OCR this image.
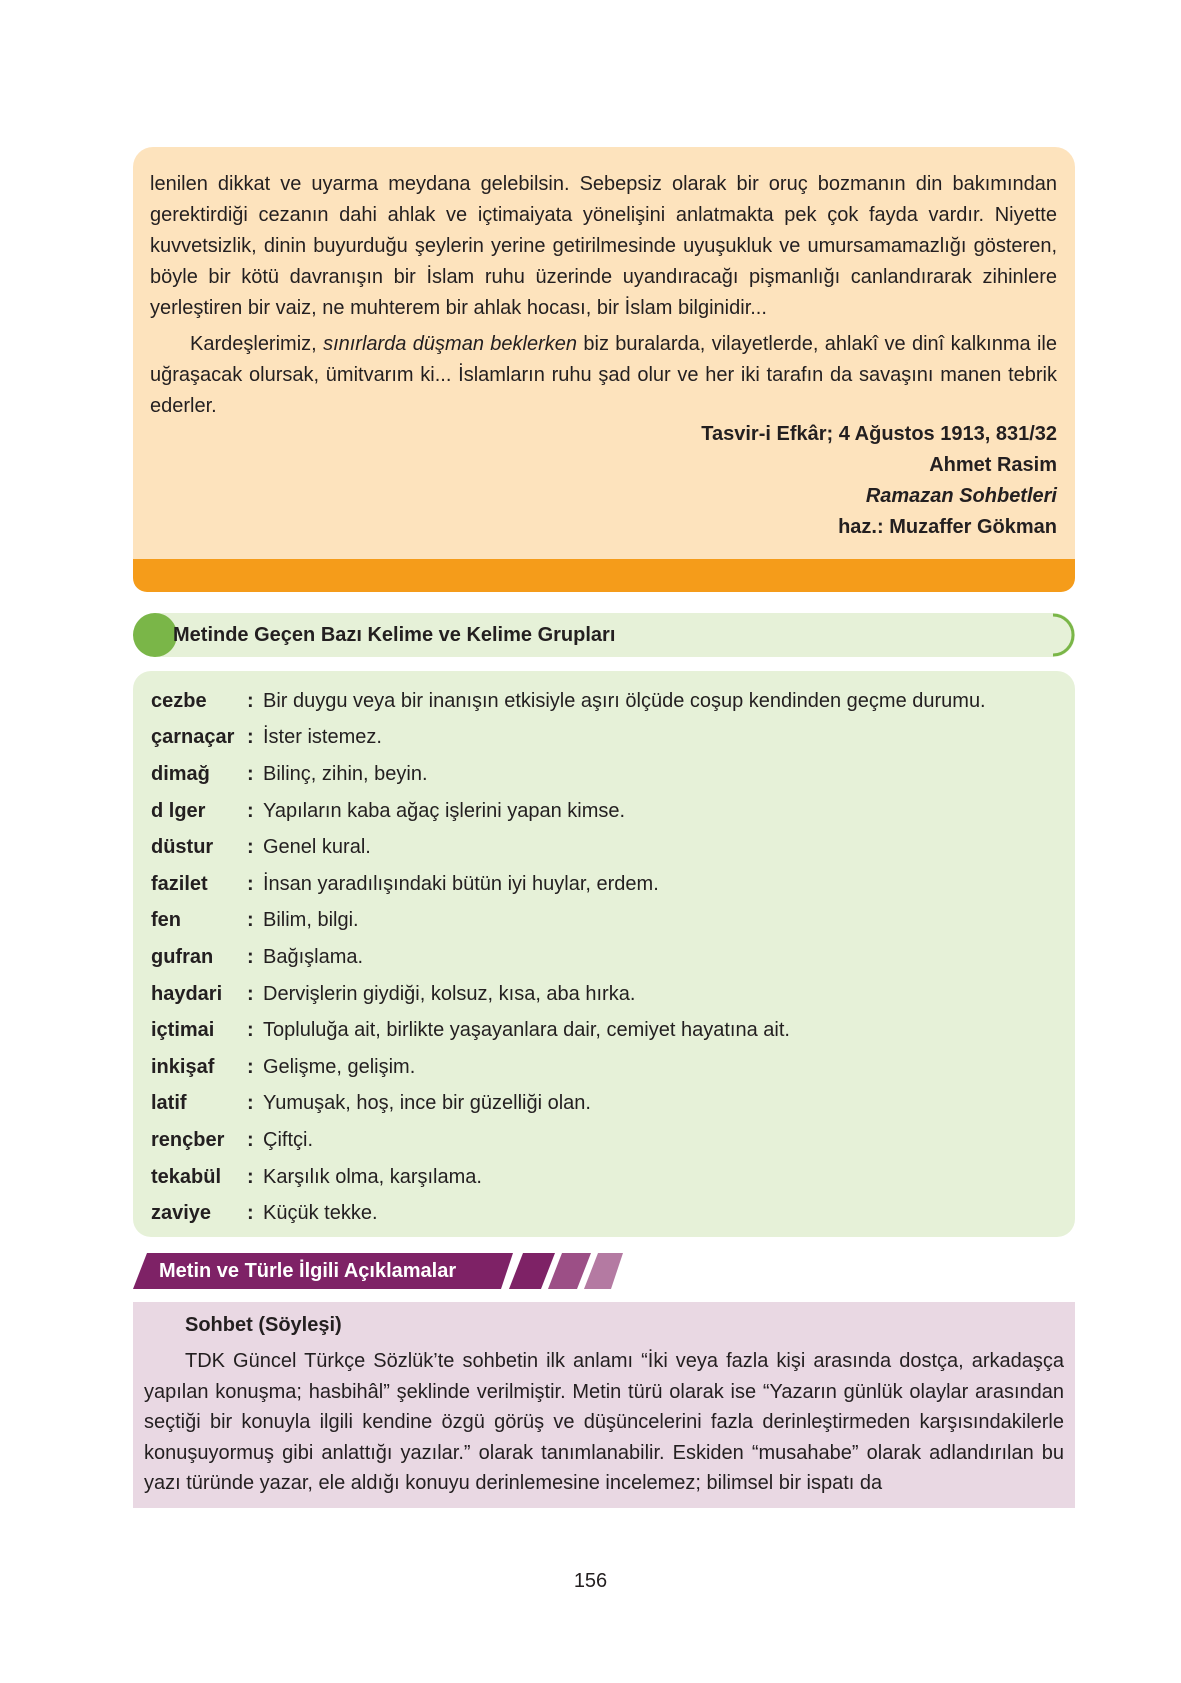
lenilen dikkat ve uyarma meydana gelebilsin. Sebepsiz olarak bir oruç bozmanın din bakımından gerektirdiği cezanın dahi ahlak ve içtimaiyata yönelişini anlatmakta pek çok fayda vardır. Niyette kuvvetsizlik, dinin buyurduğu şeylerin yerine getirilmesinde uyuşukluk ve umursamamazlığı gösteren, böyle bir kötü davranışın bir İslam ruhu üzerinde uyandıracağı pişmanlığı canlandırarak zihinlere yerleştiren bir vaiz, ne muhterem bir ahlak hocası, bir İslam bilginidir...

Kardeşlerimiz, sınırlarda düşman beklerken biz buralarda, vilayetlerde, ahlakî ve dinî kalkınma ile uğraşacak olursak, ümitvarım ki... İslamların ruhu şad olur ve her iki tarafın da savaşını manen tebrik ederler.

Tasvir-i Efkâr; 4 Ağustos 1913, 831/32
Ahmet Rasim
Ramazan Sohbetleri
haz.: Muzaffer Gökman
Metinde Geçen Bazı Kelime ve Kelime Grupları
cezbe	: Bir duygu veya bir inanışın etkisiyle aşırı ölçüde coşup kendinden geçme durumu.
çarnaçar : İster istemez.
dimağ	: Bilinç, zihin, beyin.
d lger	: Yapıların kaba ağaç işlerini yapan kimse.
düstur	: Genel kural.
fazilet	: İnsan yaradılışındaki bütün iyi huylar, erdem.
fen	: Bilim, bilgi.
gufran	: Bağışlama.
haydari	: Dervişlerin giydiği, kolsuz, kısa, aba hırka.
içtimai	: Topluluğa ait, birlikte yaşayanlara dair, cemiyet hayatına ait.
inkişaf	: Gelişme, gelişim.
latif	: Yumuşak, hoş, ince bir güzelliği olan.
rençber	: Çiftçi.
tekabül	: Karşılık olma, karşılama.
zaviye	: Küçük tekke.
Metin ve Türle İlgili Açıklamalar
Sohbet (Söyleşi)

TDK Güncel Türkçe Sözlük’te sohbetin ilk anlamı “İki veya fazla kişi arasında dostça, arkadaşça yapılan konuşma; hasbihâl” şeklinde verilmiştir. Metin türü olarak ise “Yazarın günlük olaylar arasından seçtiği bir konuyla ilgili kendine özgü görüş ve düşüncelerini fazla derinleştirmeden karşısındakilerle konuşuyormuş gibi anlattığı yazılar.” olarak tanımlanabilir. Eskiden “musahabe” olarak adlandırılan bu yazı türünde yazar, ele aldığı konuyu derinlemesine incelemez; bilimsel bir ispatı da

156
